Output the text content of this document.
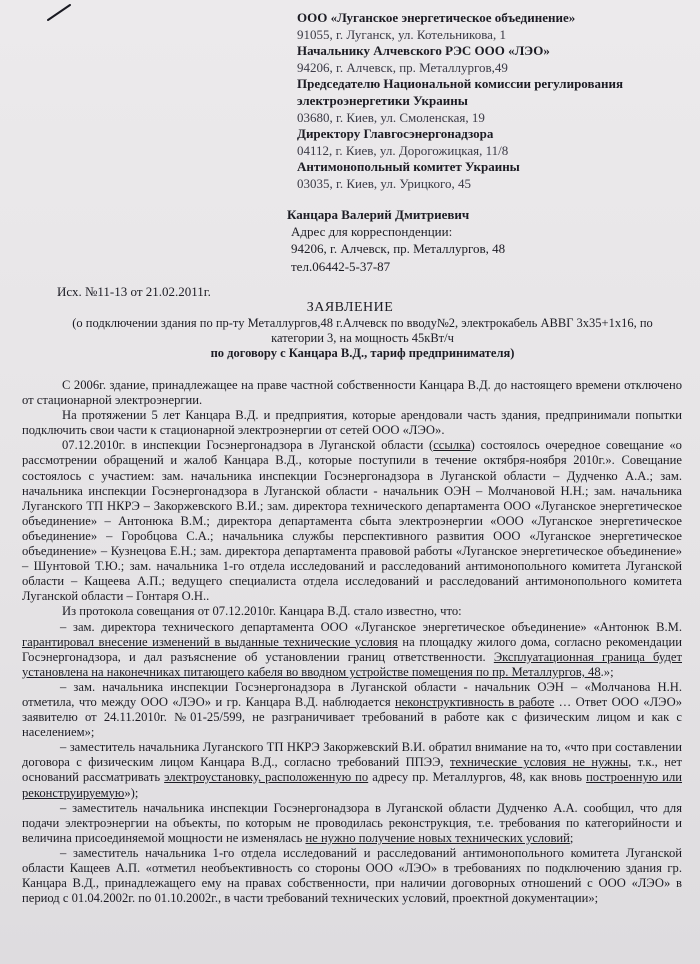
ООО «Луганское энергетическое объединение»
91055, г. Луганск, ул. Котельникова, 1
Начальнику Алчевского РЭС ООО «ЛЭО»
94206, г. Алчевск, пр. Металлургов,49
Председателю Национальной комиссии регулирования
электроэнергетики Украины
03680, г. Киев, ул. Смоленская, 19
Директору Главгосэнергонадзора
04112, г. Киев, ул. Дорогожицкая, 11/8
Антимонопольный комитет Украины
03035, г. Киев, ул. Урицкого, 45
Канцара Валерий Дмитриевич
Адрес для корреспонденции:
94206, г. Алчевск, пр. Металлургов, 48
тел.06442-5-37-87
Исх. №11-13 от 21.02.2011г.
ЗАЯВЛЕНИЕ
(о подключении здания по пр-ту Металлургов,48 г.Алчевск по вводу№2, электрокабель АВВГ 3х35+1х16, по
категории 3, на мощность 45кВт/ч
по договору с Канцара В.Д., тариф предпринимателя)

С 2006г. здание, принадлежащее на праве частной собственности Канцара В.Д. до настоящего времени отключено от стационарной электроэнергии.

На протяжении 5 лет Канцара В.Д. и предприятия, которые арендовали часть здания, предпринимали попытки подключить свои части к стационарной электроэнергии от сетей ООО «ЛЭО».

07.12.2010г. в инспекции Госэнергонадзора в Луганской области (ссылка) состоялось очередное совещание «о рассмотрении обращений и жалоб Канцара В.Д., которые поступили в течение октября-ноября 2010г.». Совещание состоялось с участием: зам. начальника инспекции Госэнергонадзора в Луганской области – Дудченко А.А.; зам. начальника инспекции Госэнергонадзора в Луганской области - начальник ОЭН – Молчановой Н.Н.; зам. начальника Луганского ТП НКРЭ – Закоржевского В.И.; зам. директора технического департамента ООО «Луганское энергетическое объединение» – Антонюка В.М.; директора департамента сбыта электроэнергии «ООО «Луганское энергетическое объединение» – Горобцова С.А.; начальника службы перспективного развития ООО «Луганское энергетическое объединение» – Кузнецова Е.Н.; зам. директора департамента правовой работы «Луганское энергетическое объединение» – Шунтовой Т.Ю.; зам. начальника 1-го отдела исследований и расследований антимонопольного комитета Луганской области – Кащеева А.П.; ведущего специалиста отдела исследований и расследований антимонопольного комитета Луганской области – Гонтаря О.Н..

Из протокола совещания от 07.12.2010г. Канцара В.Д. стало известно, что:

– зам. директора технического департамента ООО «Луганское энергетическое объединение» «Антонюк В.М. гарантировал внесение изменений в выданные технические условия на площадку жилого дома, согласно рекомендации Госэнергонадзора, и дал разъяснение об установлении границ ответственности. Эксплуатационная граница будет установлена на наконечниках питающего кабеля во вводном устройстве помещения по пр. Металлургов, 48.»;

– зам. начальника инспекции Госэнергонадзора в Луганской области - начальник ОЭН – «Молчанова Н.Н. отметила, что между ООО «ЛЭО» и гр. Канцара В.Д. наблюдается неконструктивность в работе … Ответ ООО «ЛЭО» заявителю от 24.11.2010г. №01-25/599, не разграничивает требований в работе как с физическим лицом и как с населением»;

– заместитель начальника Луганского ТП НКРЭ Закоржевский В.И. обратил внимание на то, «что при составлении договора с физическим лицом Канцара В.Д., согласно требований ППЭЭ, технические условия не нужны, т.к., нет оснований рассматривать электроустановку, расположенную по адресу пр. Металлургов, 48, как вновь построенную или реконструируемую»);

– заместитель начальника инспекции Госэнергонадзора в Луганской области Дудченко А.А. сообщил, что для подачи электроэнергии на объекты, по которым не проводилась реконструкция, т.е. требования по категорийности и величина присоединяемой мощности не изменялась не нужно получение новых технических условий;

– заместитель начальника 1-го отдела исследований и расследований антимонопольного комитета Луганской области Кащеев А.П. «отметил необъективность со стороны ООО «ЛЭО» в требованиях по подключению здания гр. Канцара В.Д., принадлежащего ему на правах собственности, при наличии договорных отношений с ООО «ЛЭО» в период с 01.04.2002г. по 01.10.2002г., в части требований технических условий, проектной документации»;
